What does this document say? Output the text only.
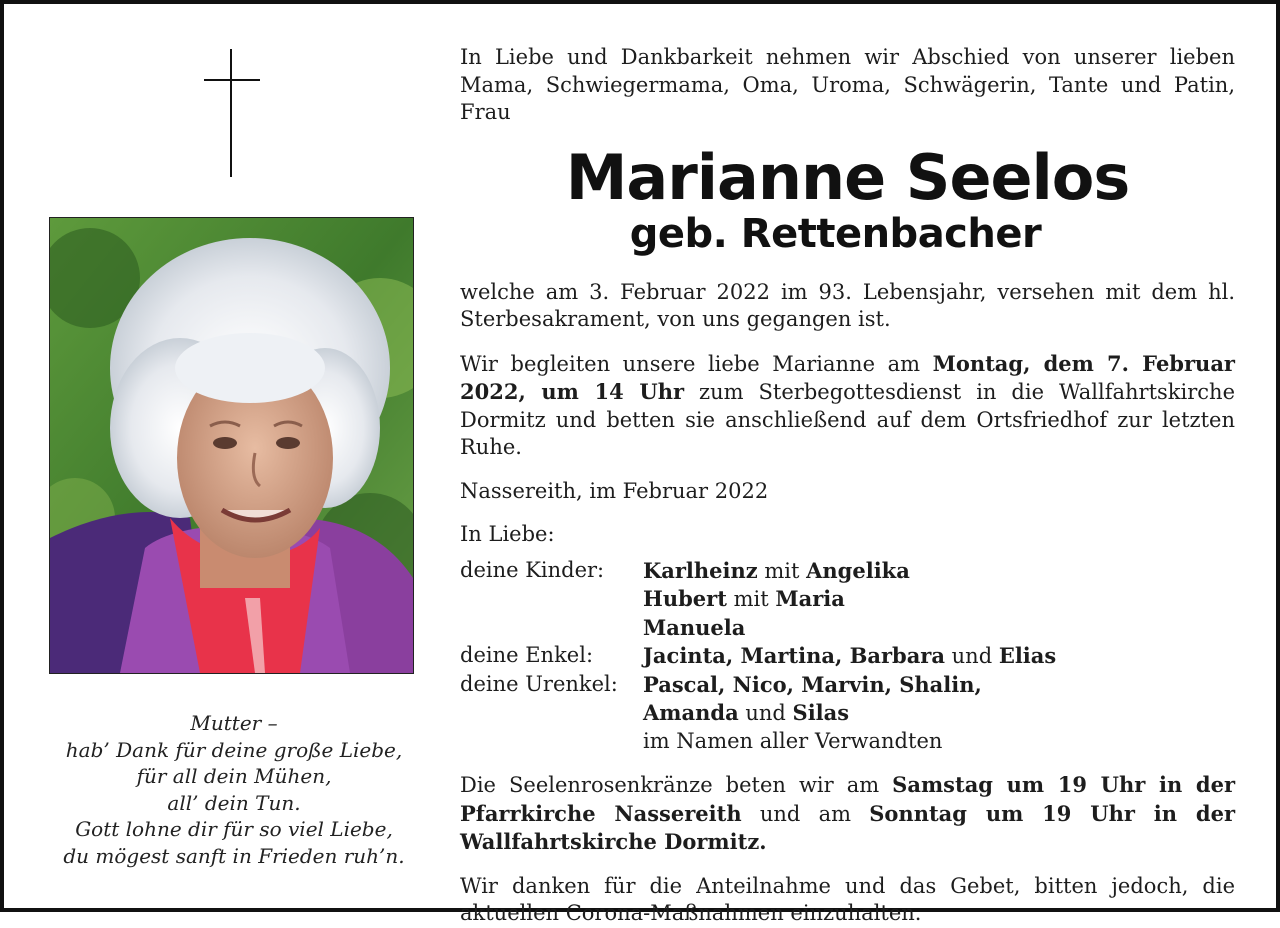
Mutter –
hab’ Dank für deine große Liebe,
für all dein Mühen,
all’ dein Tun.
Gott lohne dir für so viel Liebe,
du mögest sanft in Frieden ruh’n.
In Liebe und Dankbarkeit nehmen wir Abschied von unserer lieben
Mama, Schwiegermama, Oma, Uroma, Schwägerin, Tante und Patin,
Frau
Marianne Seelos
geb. Rettenbacher
welche am 3. Februar 2022 im 93. Lebensjahr, versehen mit dem hl. Sterbesakrament, von uns gegangen ist.
Wir begleiten unsere liebe Marianne am Montag, dem 7. Februar 2022, um 14 Uhr zum Sterbegottesdienst in die Wallfahrtskirche Dormitz und betten sie anschließend auf dem Ortsfriedhof zur letzten Ruhe.
Nassereith, im Februar 2022
In Liebe:
deine Kinder:	Karlheinz mit Angelika
Hubert mit Maria
Manuela
deine Enkel:	Jacinta, Martina, Barbara und Elias
deine Urenkel:	Pascal, Nico, Marvin, Shalin,
Amanda und Silas
im Namen aller Verwandten
Die Seelenrosenkränze beten wir am Samstag um 19 Uhr in der Pfarrkirche Nassereith und am Sonntag um 19 Uhr in der Wallfahrtskirche Dormitz.
Wir danken für die Anteilnahme und das Gebet, bitten jedoch, die aktuellen Corona-Maßnahmen einzuhalten.
